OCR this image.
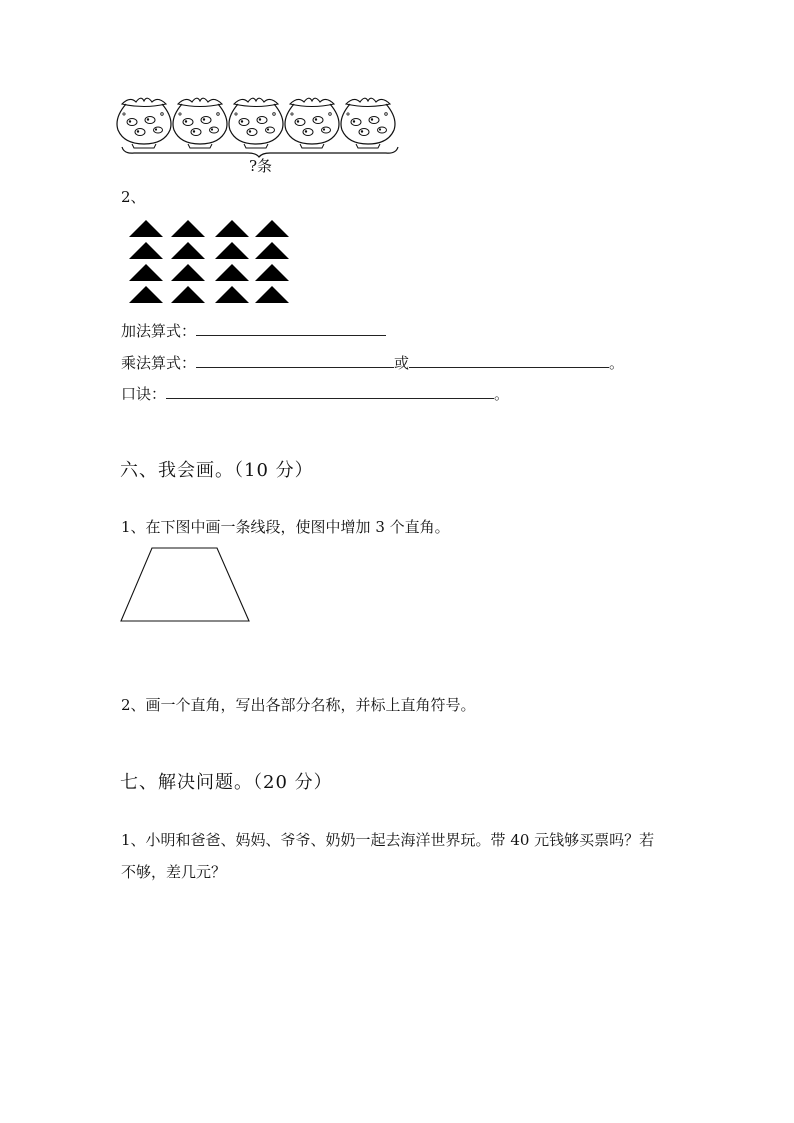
?条
2、
加法算式：
乘法算式：	或	。
口诀：	。
六、我会画。（10 分）
1、在下图中画一条线段，使图中增加 3 个直角。
2、画一个直角，写出各部分名称，并标上直角符号。
七、解决问题。（20 分）
1、小明和爸爸、妈妈、爷爷、奶奶一起去海洋世界玩。带 40 元钱够买票吗？若
不够，差几元？
